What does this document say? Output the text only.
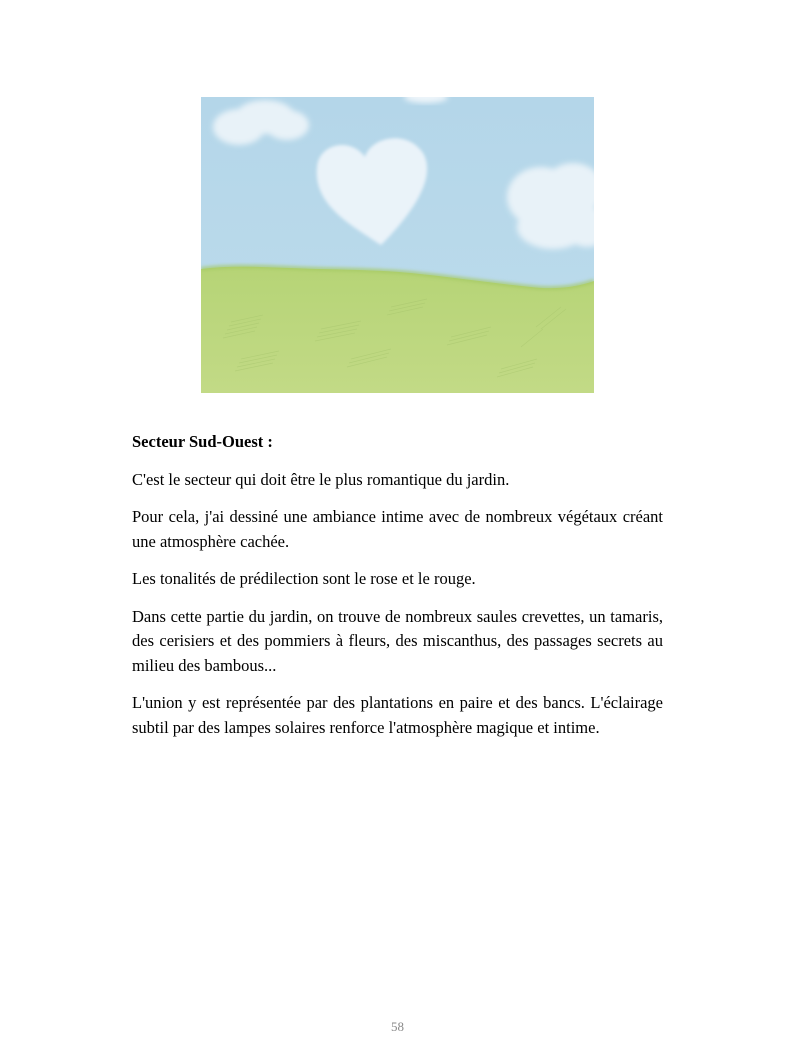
Secteur Sud-Ouest :

C'est le secteur qui doit être le plus romantique du jardin.

Pour cela, j'ai dessiné une ambiance intime avec de nombreux végétaux créant une atmosphère cachée.

Les tonalités de prédilection sont le rose et le rouge.

Dans cette partie du jardin, on trouve de nombreux saules crevettes, un tamaris, des cerisiers et des pommiers à fleurs, des miscanthus, des passages secrets au milieu des bambous...

L'union y est représentée par des plantations en paire et des bancs. L'éclairage subtil par des lampes solaires renforce l'atmosphère magique et intime.

58
